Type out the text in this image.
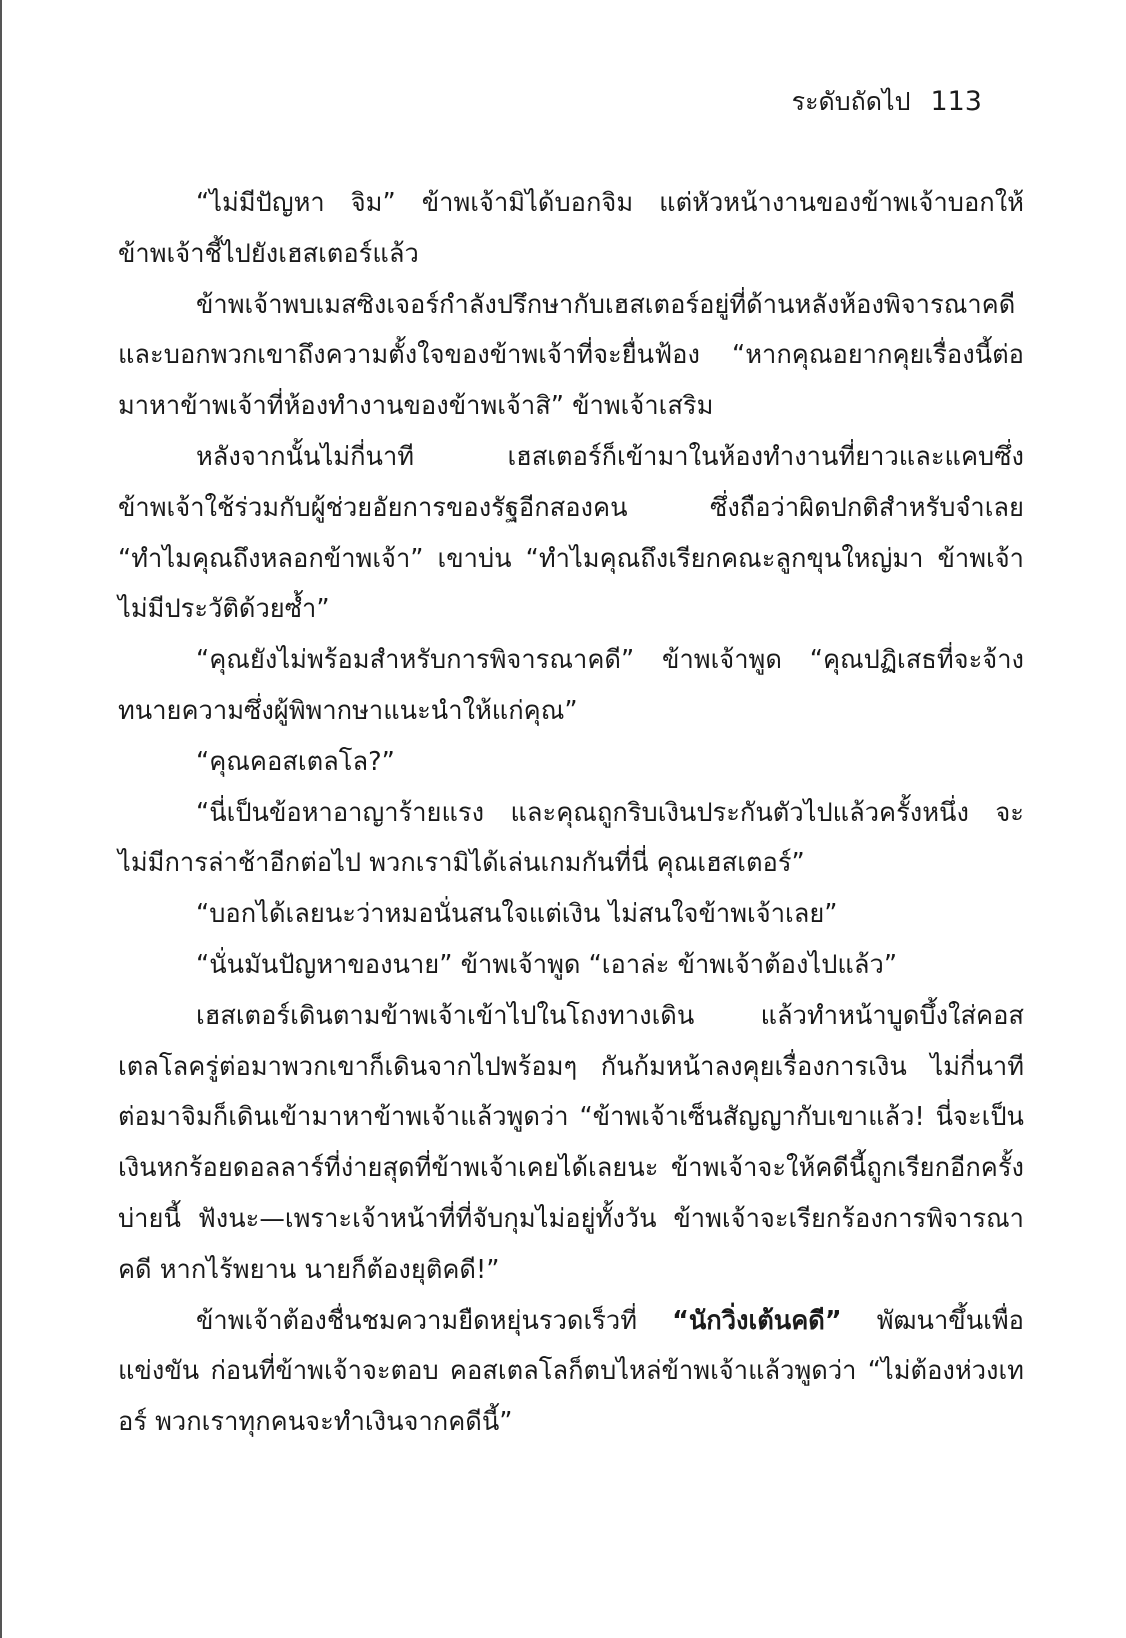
ระดับถัดไป 113

“ไม่มีปัญหา จิม” ข้าพเจ้ามิได้บอกจิม แต่หัวหน้างานของข้าพเจ้าบอกให้ข้าพเจ้าชี้ไปยังเฮสเตอร์แล้ว

ข้าพเจ้าพบเมสซิงเจอร์กำลังปรึกษากับเฮสเตอร์อยู่ที่ด้านหลังห้องพิจารณาคดีและบอกพวกเขาถึงความตั้งใจของข้าพเจ้าที่จะยื่นฟ้อง “หากคุณอยากคุยเรื่องนี้ต่อมาหาข้าพเจ้าที่ห้องทำงานของข้าพเจ้าสิ” ข้าพเจ้าเสริม

หลังจากนั้นไม่กี่นาที เฮสเตอร์ก็เข้ามาในห้องทำงานที่ยาวและแคบซึ่งข้าพเจ้าใช้ร่วมกับผู้ช่วยอัยการของรัฐอีกสองคน ซึ่งถือว่าผิดปกติสำหรับจำเลย “ทำไมคุณถึงหลอกข้าพเจ้า” เขาบ่น “ทำไมคุณถึงเรียกคณะลูกขุนใหญ่มา ข้าพเจ้าไม่มีประวัติด้วยซ้ำ”

“คุณยังไม่พร้อมสำหรับการพิจารณาคดี” ข้าพเจ้าพูด “คุณปฏิเสธที่จะจ้างทนายความซึ่งผู้พิพากษาแนะนำให้แก่คุณ”

“คุณคอสเตลโล?”

“นี่เป็นข้อหาอาญาร้ายแรง และคุณถูกริบเงินประกันตัวไปแล้วครั้งหนึ่ง จะไม่มีการล่าช้าอีกต่อไป พวกเรามิได้เล่นเกมกันที่นี่ คุณเฮสเตอร์”

“บอกได้เลยนะว่าหมอนั่นสนใจแต่เงิน ไม่สนใจข้าพเจ้าเลย”

“นั่นมันปัญหาของนาย” ข้าพเจ้าพูด “เอาล่ะ ข้าพเจ้าต้องไปแล้ว”

เฮสเตอร์เดินตามข้าพเจ้าเข้าไปในโถงทางเดิน แล้วทำหน้าบูดบึ้งใส่คอสเตลโลครู่ต่อมาพวกเขาก็เดินจากไปพร้อมๆ กันก้มหน้าลงคุยเรื่องการเงิน ไม่กี่นาทีต่อมาจิมก็เดินเข้ามาหาข้าพเจ้าแล้วพูดว่า “ข้าพเจ้าเซ็นสัญญากับเขาแล้ว! นี่จะเป็นเงินหกร้อยดอลลาร์ที่ง่ายสุดที่ข้าพเจ้าเคยได้เลยนะ ข้าพเจ้าจะให้คดีนี้ถูกเรียกอีกครั้งบ่ายนี้ ฟังนะ—เพราะเจ้าหน้าที่ที่จับกุมไม่อยู่ทั้งวัน ข้าพเจ้าจะเรียกร้องการพิจารณาคดี หากไร้พยาน นายก็ต้องยุติคดี!”

ข้าพเจ้าต้องชื่นชมความยืดหยุ่นรวดเร็วที่ “นักวิ่งเต้นคดี” พัฒนาขึ้นเพื่อแข่งขัน ก่อนที่ข้าพเจ้าจะตอบ คอสเตลโลก็ตบไหล่ข้าพเจ้าแล้วพูดว่า “ไม่ต้องห่วงเทอร์ พวกเราทุกคนจะทำเงินจากคดีนี้”
